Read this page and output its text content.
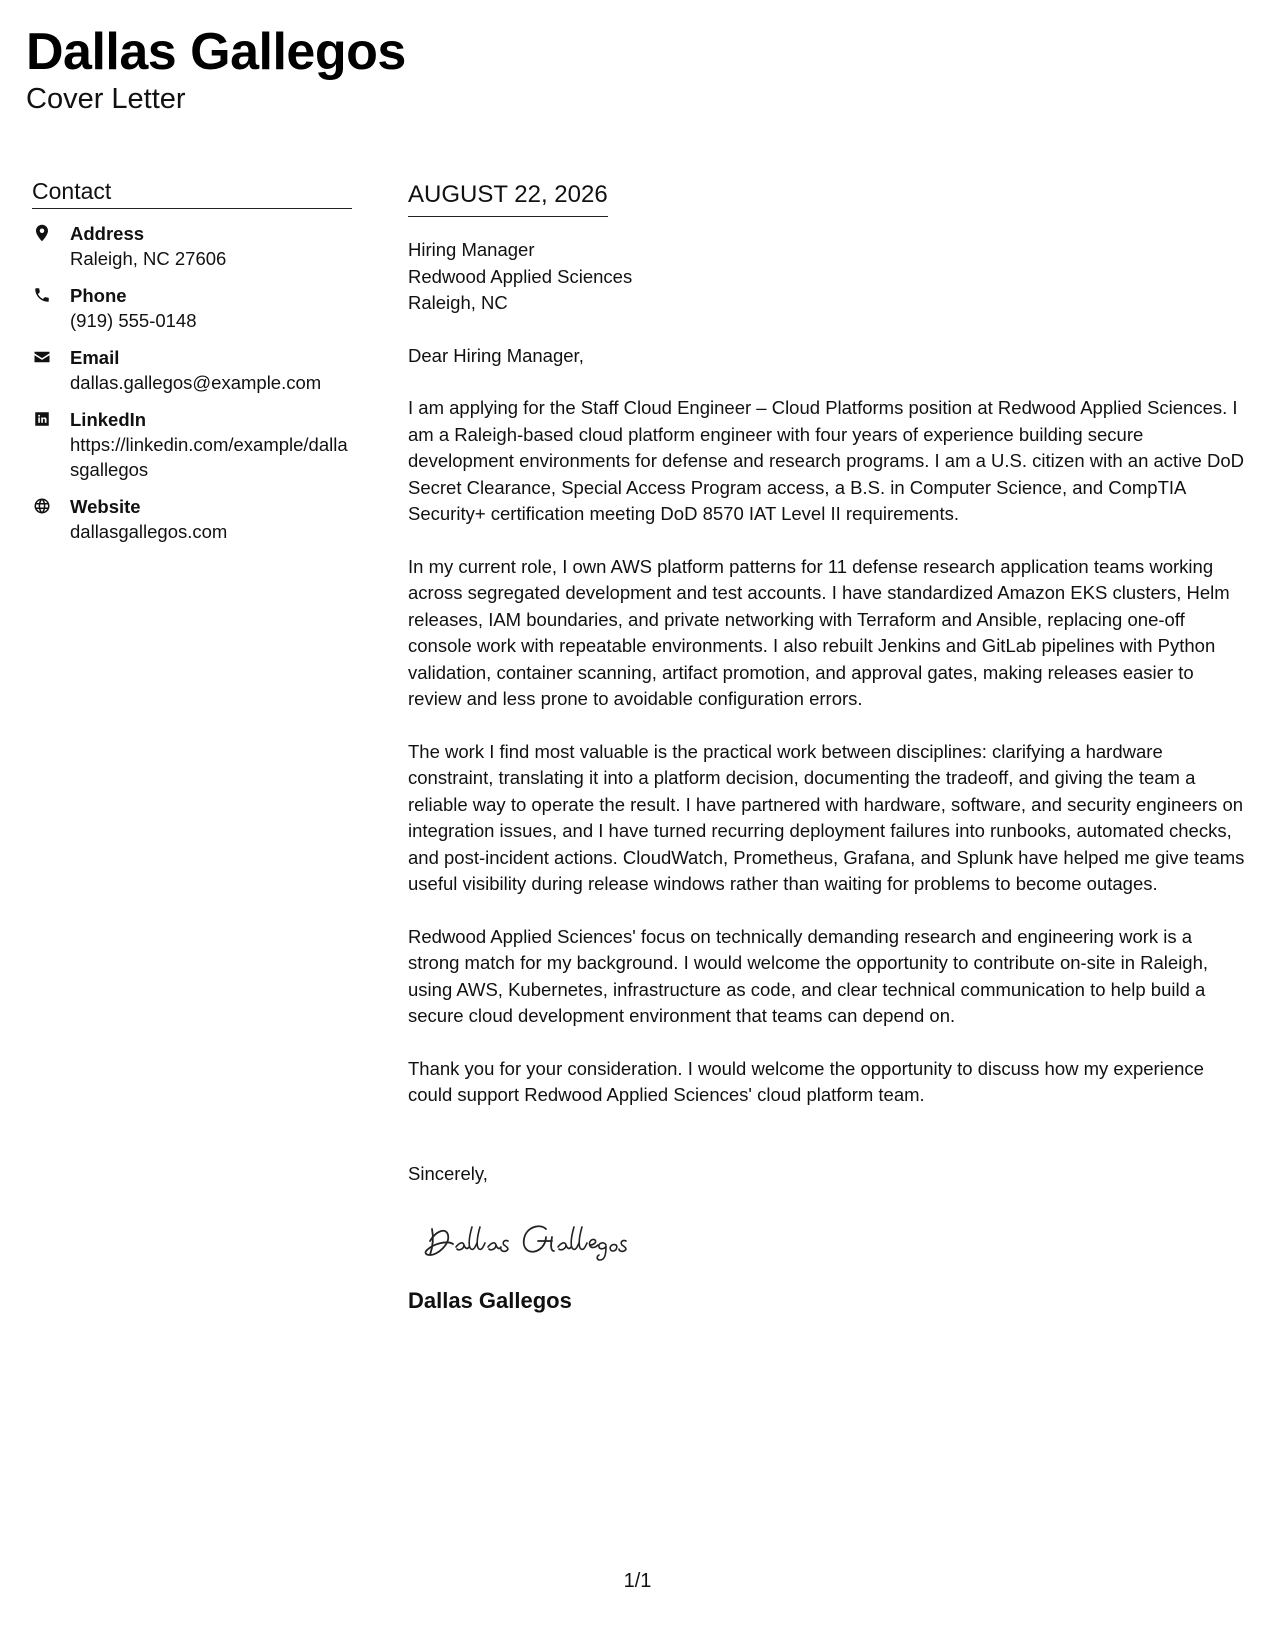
Dallas Gallegos
Cover Letter
Contact
Address
Raleigh, NC 27606
Phone
(919) 555-0148
Email
dallas.gallegos@example.com
LinkedIn
https://linkedin.com/example/dallasgallegos
Website
dallasgallegos.com
AUGUST 22, 2026
Hiring Manager
Redwood Applied Sciences
Raleigh, NC

Dear Hiring Manager,

I am applying for the Staff Cloud Engineer – Cloud Platforms position at Redwood Applied Sciences. I am a Raleigh-based cloud platform engineer with four years of experience building secure development environments for defense and research programs. I am a U.S. citizen with an active DoD Secret Clearance, Special Access Program access, a B.S. in Computer Science, and CompTIA Security+ certification meeting DoD 8570 IAT Level II requirements.

In my current role, I own AWS platform patterns for 11 defense research application teams working across segregated development and test accounts. I have standardized Amazon EKS clusters, Helm releases, IAM boundaries, and private networking with Terraform and Ansible, replacing one-off console work with repeatable environments. I also rebuilt Jenkins and GitLab pipelines with Python validation, container scanning, artifact promotion, and approval gates, making releases easier to review and less prone to avoidable configuration errors.

The work I find most valuable is the practical work between disciplines: clarifying a hardware constraint, translating it into a platform decision, documenting the tradeoff, and giving the team a reliable way to operate the result. I have partnered with hardware, software, and security engineers on integration issues, and I have turned recurring deployment failures into runbooks, automated checks, and post-incident actions. CloudWatch, Prometheus, Grafana, and Splunk have helped me give teams useful visibility during release windows rather than waiting for problems to become outages.

Redwood Applied Sciences' focus on technically demanding research and engineering work is a strong match for my background. I would welcome the opportunity to contribute on-site in Raleigh, using AWS, Kubernetes, infrastructure as code, and clear technical communication to help build a secure cloud development environment that teams can depend on.

Thank you for your consideration. I would welcome the opportunity to discuss how my experience could support Redwood Applied Sciences' cloud platform team.

Sincerely,

Dallas Gallegos
1/1
